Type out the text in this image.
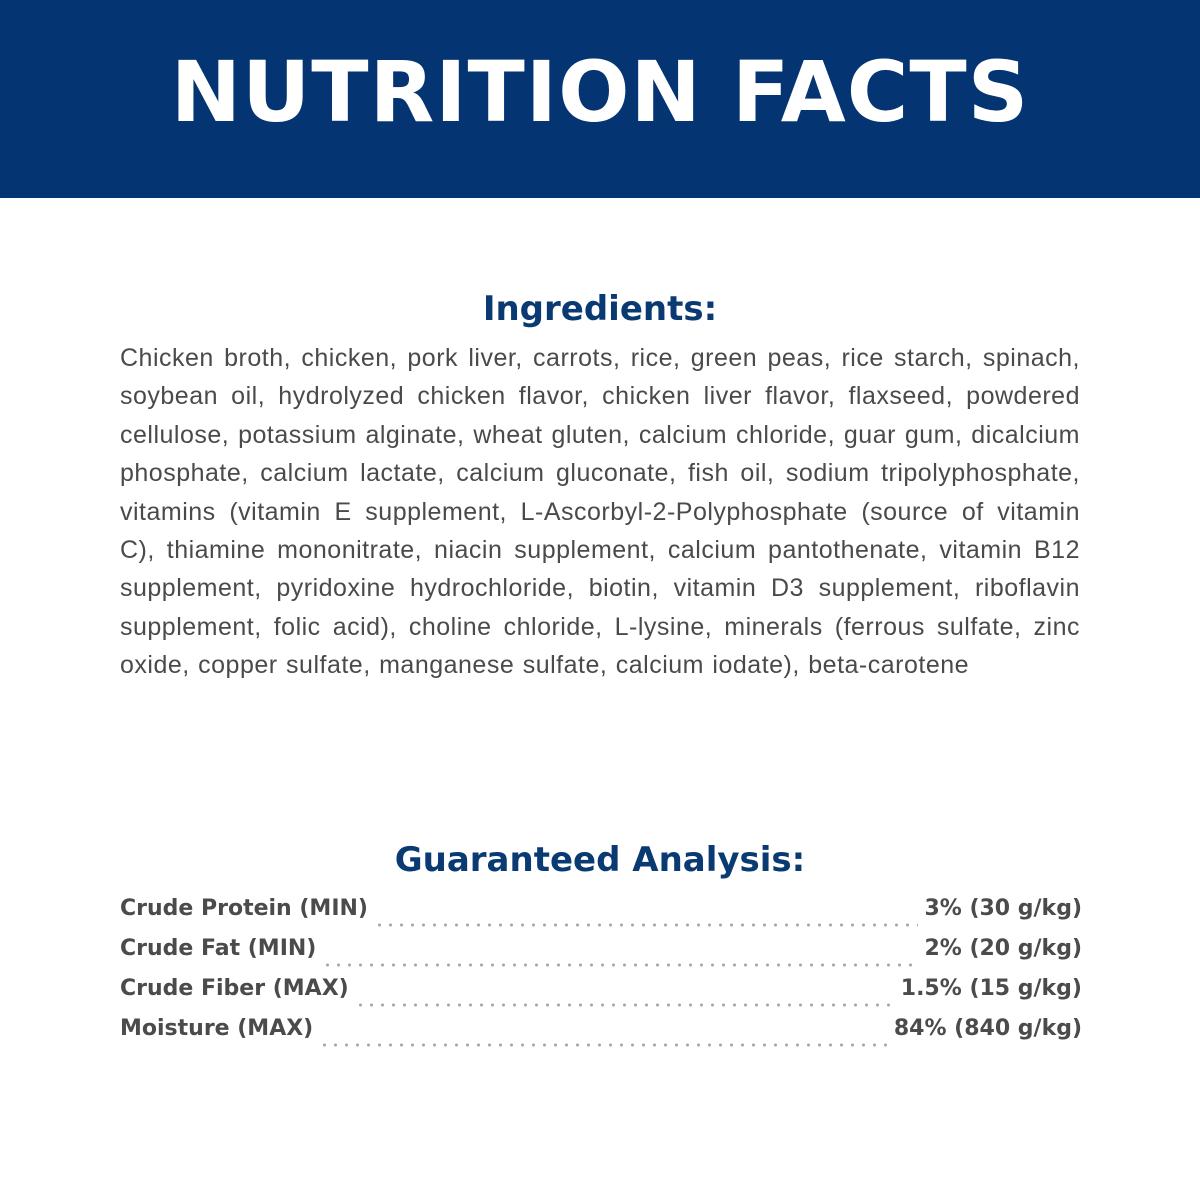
NUTRITION FACTS
Ingredients:

Chicken broth, chicken, pork liver, carrots, rice, green peas, rice starch, spinach, soybean oil, hydrolyzed chicken flavor, chicken liver flavor, flaxseed, powdered cellulose, potassium alginate, wheat gluten, calcium chloride, guar gum, dicalcium phosphate, calcium lactate, calcium gluconate, fish oil, sodium tripolyphosphate, vitamins (vitamin E supplement, L-Ascorbyl-2-Polyphosphate (source of vitamin C), thiamine mononitrate, niacin supplement, calcium pantothenate, vitamin B12 supplement, pyridoxine hydrochloride, biotin, vitamin D3 supplement, riboflavin supplement, folic acid), choline chloride, L-lysine, minerals (ferrous sulfate, zinc oxide, copper sulfate, manganese sulfate, calcium iodate), beta-carotene

Guaranteed Analysis:
Crude Protein (MIN)	3% (30 g/kg)
Crude Fat (MIN)	2% (20 g/kg)
Crude Fiber (MAX)	1.5% (15 g/kg)
Moisture (MAX)	84% (840 g/kg)
